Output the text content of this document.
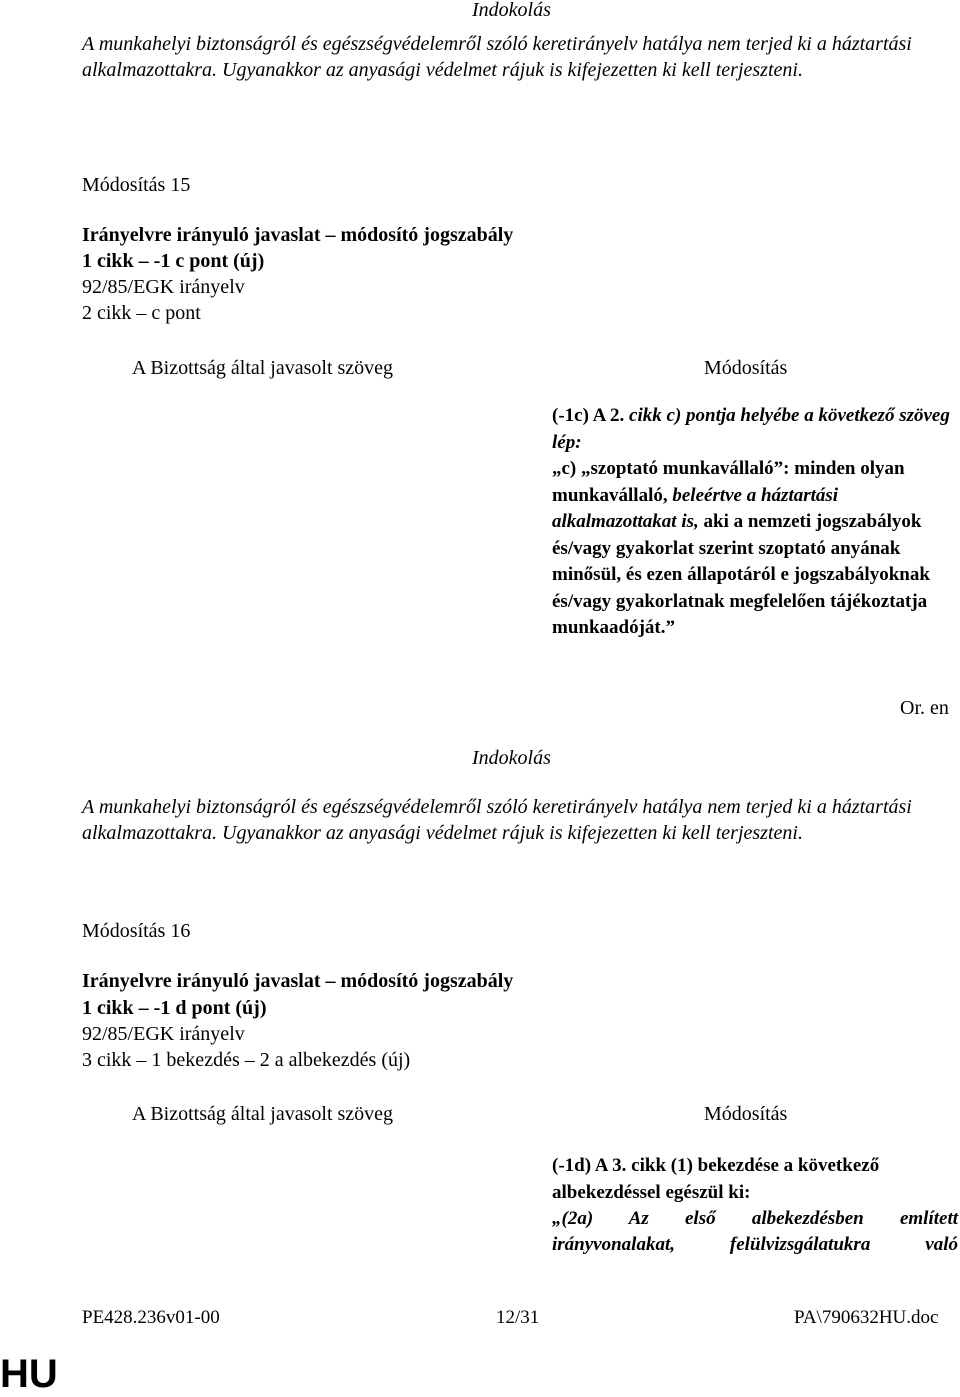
Indokolás
A munkahelyi biztonságról és egészségvédelemről szóló keretirányelv hatálya nem terjed ki a háztartási alkalmazottakra. Ugyanakkor az anyasági védelmet rájuk is kifejezetten ki kell terjeszteni.
Módosítás 15
Irányelvre irányuló javaslat – módosító jogszabály
1 cikk – -1 c pont (új)
92/85/EGK irányelv
2 cikk – c pont
A Bizottság által javasolt szöveg	Módosítás
(-1c) A 2. cikk c) pontja helyébe a következő szöveg lép:
„c) „szoptató munkavállaló”: minden olyan munkavállaló, beleértve a háztartási alkalmazottakat is, aki a nemzeti jogszabályok és/vagy gyakorlat szerint szoptató anyának minősül, és ezen állapotáról e jogszabályoknak és/vagy gyakorlatnak megfelelően tájékoztatja munkaadóját.”
Or. en
Indokolás
A munkahelyi biztonságról és egészségvédelemről szóló keretirányelv hatálya nem terjed ki a háztartási alkalmazottakra. Ugyanakkor az anyasági védelmet rájuk is kifejezetten ki kell terjeszteni.
Módosítás 16
Irányelvre irányuló javaslat – módosító jogszabály
1 cikk – -1 d pont (új)
92/85/EGK irányelv
3 cikk – 1 bekezdés – 2 a albekezdés (új)
A Bizottság által javasolt szöveg	Módosítás
(-1d) A 3. cikk (1) bekezdése a következő albekezdéssel egészül ki:
„(2a) Az első albekezdésben említett
irányvonalakat, felülvizsgálatukra való
PE428.236v01-00	12/31	PA\790632HU.doc
HU
